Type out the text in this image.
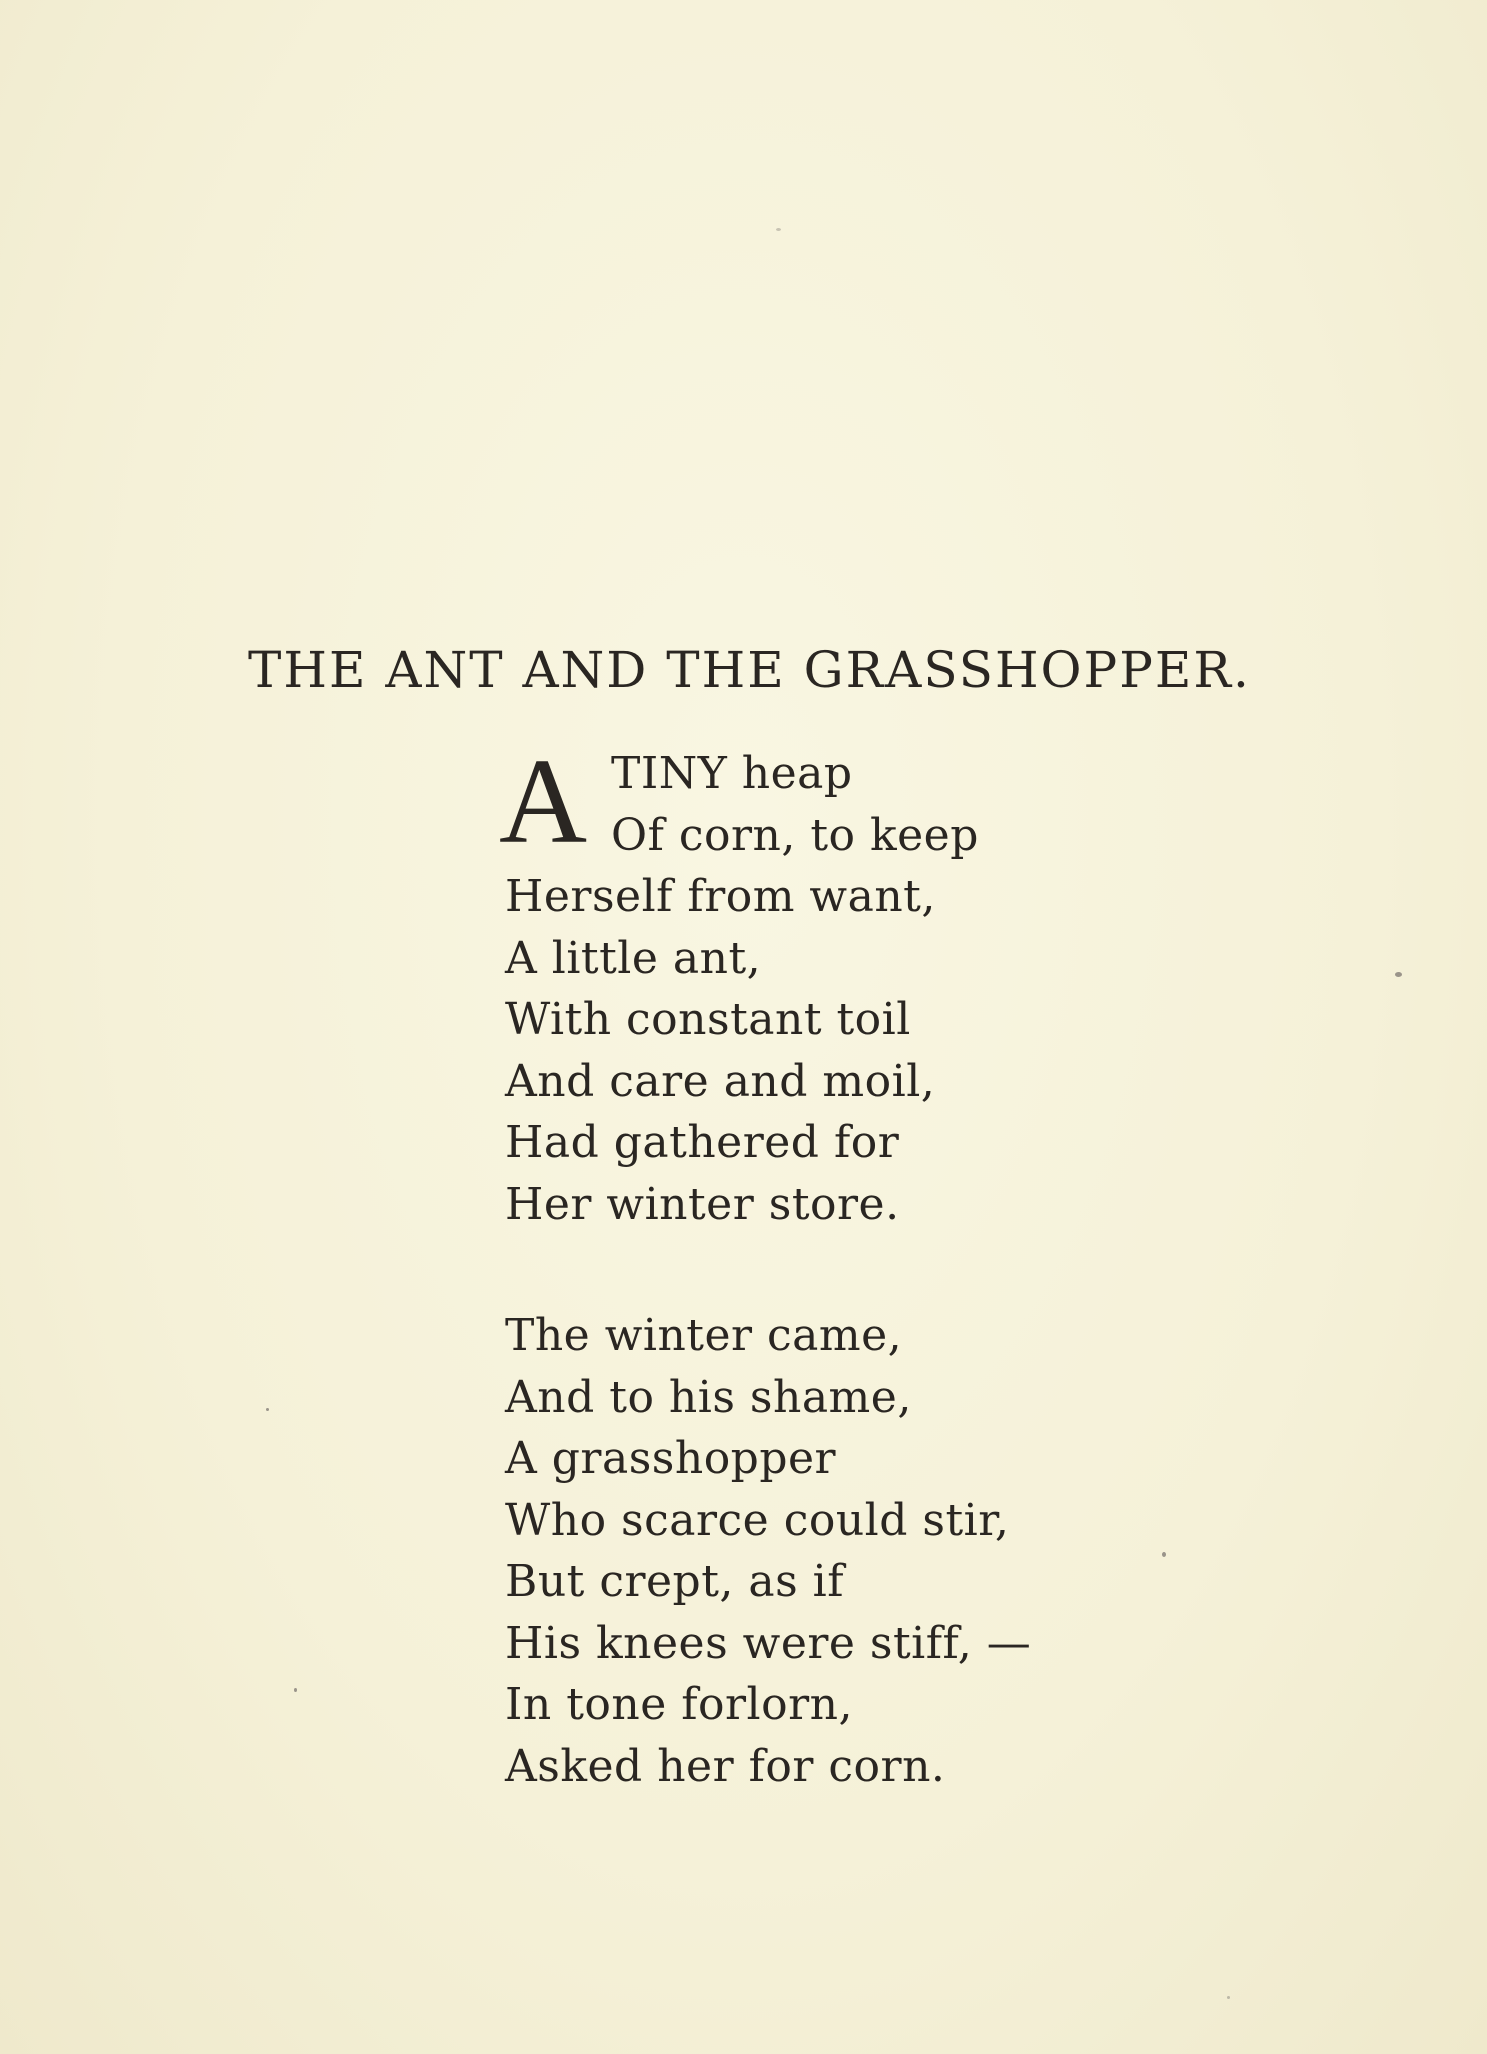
THE ANT AND THE GRASSHOPPER.
A TINY heap
Of corn, to keep
Herself from want,
A little ant,
With constant toil
And care and moil,
Had gathered for
Her winter store.
The winter came,
And to his shame,
A grasshopper
Who scarce could stir,
But crept, as if
His knees were stiff, —
In tone forlorn,
Asked her for corn.
